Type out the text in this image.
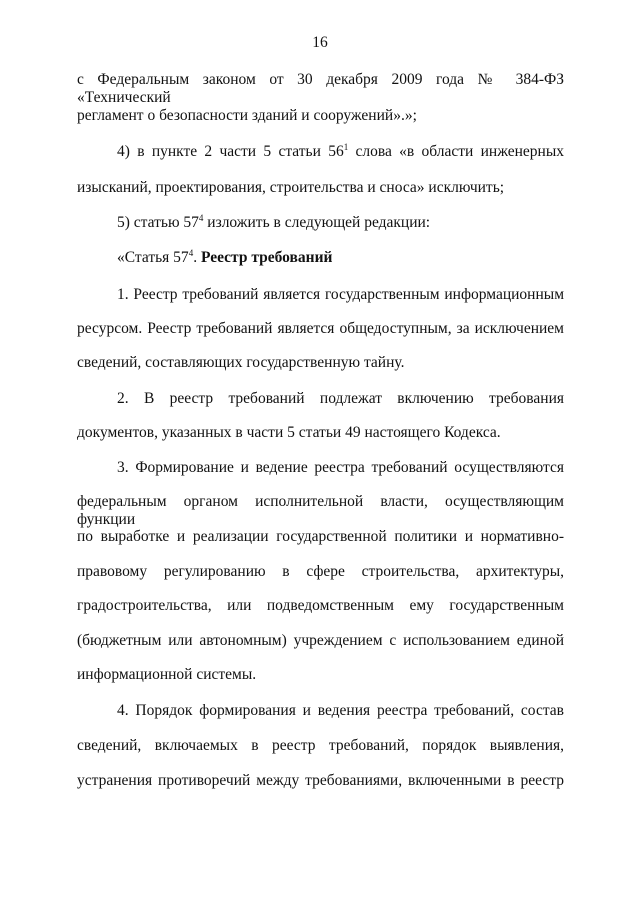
16
с Федеральным законом от 30 декабря 2009 года № 384-ФЗ «Технический
регламент о безопасности зданий и сооружений».»;
4) в пункте 2 части 5 статьи $56^1$ слова «в области инженерных
изысканий, проектирования, строительства и сноса» исключить;
5) статью $57^4$ изложить в следующей редакции:
«Статья $57^4$. Реестр требований
1. Реестр требований является государственным информационным
ресурсом. Реестр требований является общедоступным, за исключением
сведений, составляющих государственную тайну.
2. В реестр требований подлежат включению требования
документов, указанных в части 5 статьи 49 настоящего Кодекса.
3. Формирование и ведение реестра требований осуществляются
федеральным органом исполнительной власти, осуществляющим функции
по выработке и реализации государственной политики и нормативно-
правовому регулированию в сфере строительства, архитектуры,
градостроительства, или подведомственным ему государственным
(бюджетным или автономным) учреждением с использованием единой
информационной системы.
4. Порядок формирования и ведения реестра требований, состав
сведений, включаемых в реестр требований, порядок выявления,
устранения противоречий между требованиями, включенными в реестр
